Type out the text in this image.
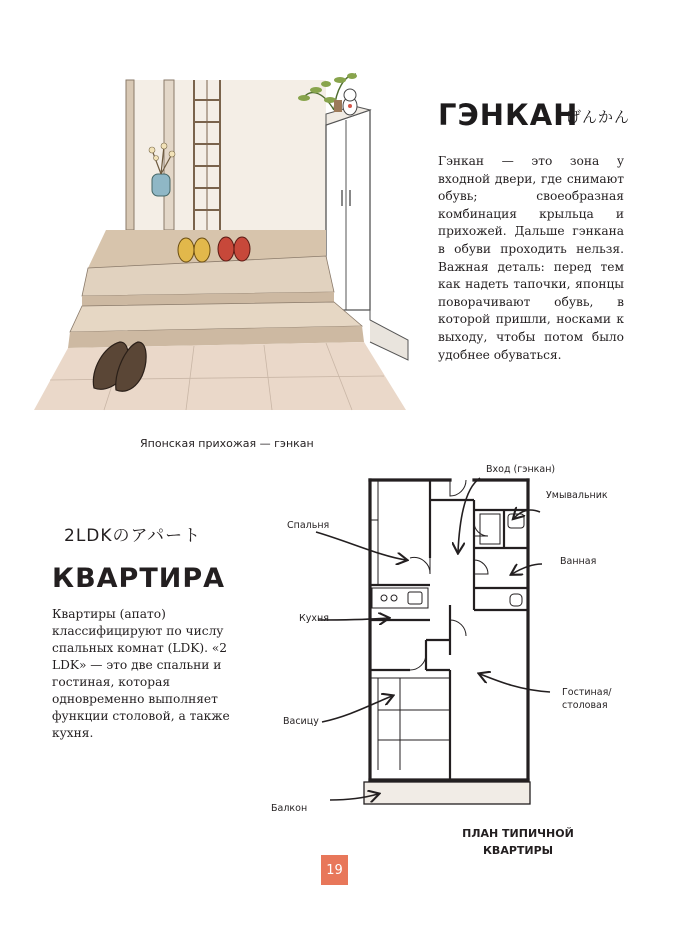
ГЭНКАН
げんかん
Гэнкан — это зона у входной двери, где снимают обувь; своеобразная комбинация крыльца и прихожей. Дальше гэнкана в обуви проходить нельзя. Важная деталь: перед тем как надеть тапочки, японцы поворачивают обувь, в которой пришли, носками к выходу, чтобы потом было удобнее обуваться.
Японская прихожая — гэнкан
2LDKのアパート
КВАРТИРА
Квартиры (апато) классифицируют по числу спальных комнат (LDK). «2 LDK» — это две спальни и гостиная, которая одновременно выполняет функции столовой, а также кухня.
Вход (гэнкан)
Умывальник
Спальня
Ванная
Кухня
Гостиная/ столовая
Васицу
Балкон
ПЛАН ТИПИЧНОЙ
КВАРТИРЫ
19
